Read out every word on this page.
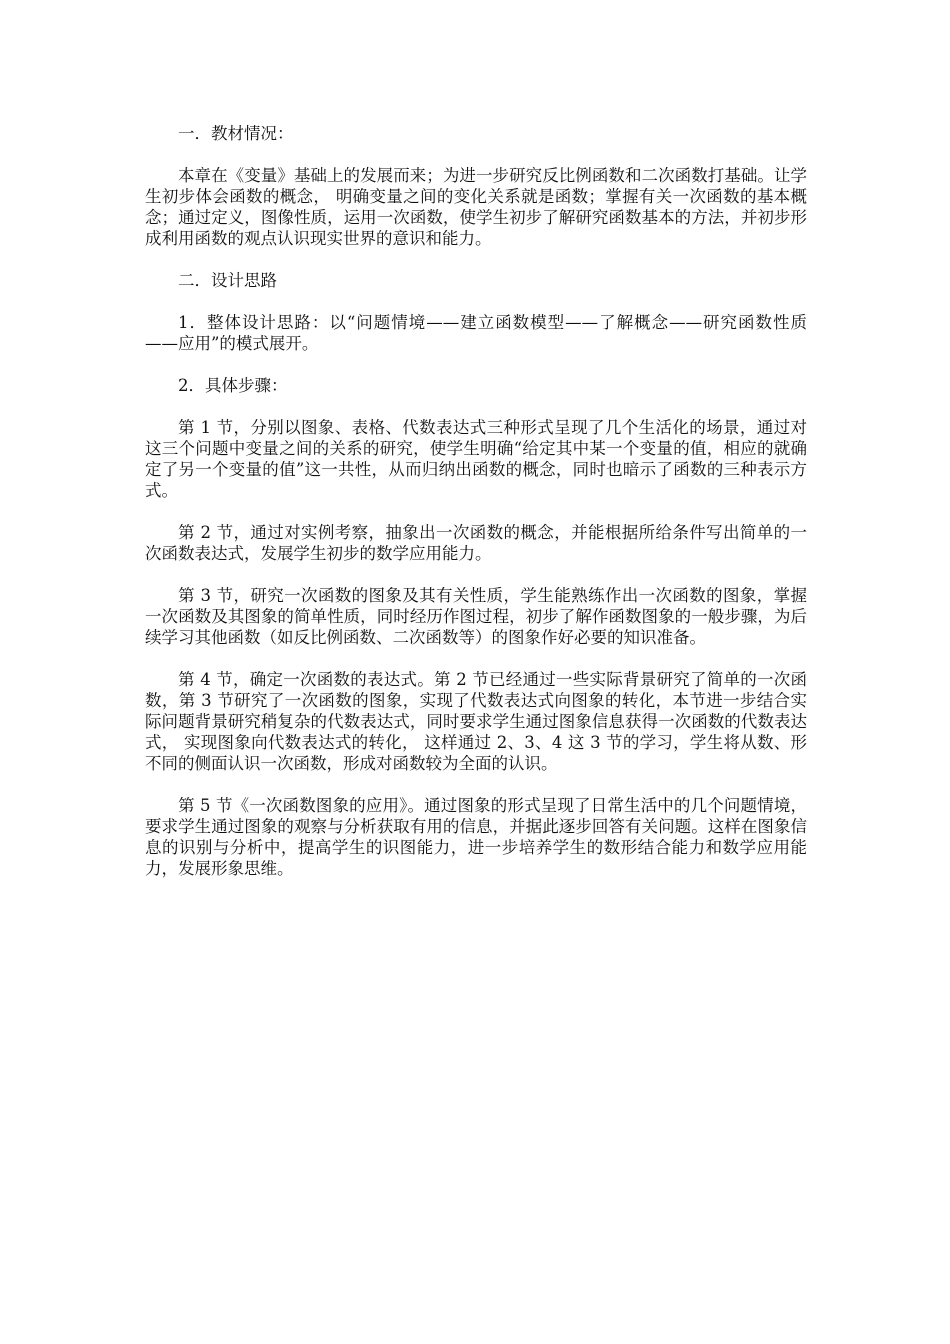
一．教材情况：

本章在《变量》基础上的发展而来；为进一步研究反比例函数和二次函数打基础。让学生初步体会函数的概念， 明确变量之间的变化关系就是函数；掌握有关一次函数的基本概念；通过定义，图像性质，运用一次函数，使学生初步了解研究函数基本的方法，并初步形成利用函数的观点认识现实世界的意识和能力。

二．设计思路

1．整体设计思路：以“问题情境——建立函数模型——了解概念——研究函数性质——应用”的模式展开。

2．具体步骤：

第 1 节，分别以图象、表格、代数表达式三种形式呈现了几个生活化的场景，通过对这三个问题中变量之间的关系的研究，使学生明确“给定其中某一个变量的值，相应的就确定了另一个变量的值”这一共性，从而归纳出函数的概念，同时也暗示了函数的三种表示方式。

第 2 节，通过对实例考察，抽象出一次函数的概念，并能根据所给条件写出简单的一次函数表达式，发展学生初步的数学应用能力。

第 3 节，研究一次函数的图象及其有关性质，学生能熟练作出一次函数的图象，掌握一次函数及其图象的简单性质，同时经历作图过程，初步了解作函数图象的一般步骤，为后续学习其他函数（如反比例函数、二次函数等）的图象作好必要的知识准备。

第 4 节，确定一次函数的表达式。第 2 节已经通过一些实际背景研究了简单的一次函数，第 3 节研究了一次函数的图象，实现了代数表达式向图象的转化，本节进一步结合实际问题背景研究稍复杂的代数表达式，同时要求学生通过图象信息获得一次函数的代数表达式， 实现图象向代数表达式的转化， 这样通过 2、3、4 这 3 节的学习，学生将从数、形不同的侧面认识一次函数，形成对函数较为全面的认识。

第 5 节《一次函数图象的应用》。通过图象的形式呈现了日常生活中的几个问题情境，要求学生通过图象的观察与分析获取有用的信息，并据此逐步回答有关问题。这样在图象信息的识别与分析中，提高学生的识图能力，进一步培养学生的数形结合能力和数学应用能力，发展形象思维。
